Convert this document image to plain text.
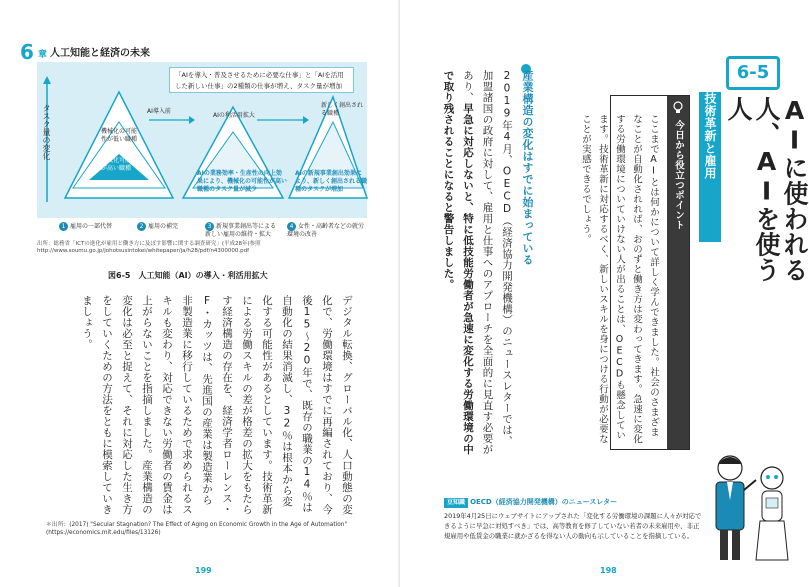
6 章 人工知能と経済の未来
「AIを導入・普及させるために必要な仕事」と「AIを活用した新しい仕事」の2種類の仕事が増え、タスク量が増加
タスク量の変化	AI導入前
AIの利活用拡大
新しく創出される職種
機械化の可能性が低い職種
機械化可能性が高い職種
AIの業務効率・生産性の向上効果により、機械化の可能性が高い職種のタスク量が減少
AIの新規事業創出効果により、新しく創出される職種のタスクが増加
1 雇用の一部代替	2 雇用の補完	3 新規事業創出等による
新しい雇用の維持・拡大
4 女性・高齢者などの就労環境の改善
出所：総務省「ICTの進化が雇用と働き方に及ぼす影響に関する調査研究」(平成28年)参照 http://www.soumu.go.jp/johotsusintokei/whitepaper/ja/h28/pdf/n4300000.pdf
図6-5　人工知能（AI）の導入・利活用拡大
デジタル転換、グローバル化、人口動態の変化で、労働環境はすでに再編されており、今後15〜20年で、既存の職業の14％は自動化の結果消滅し、32％は根本から変化する可能性があるとしています。技術革新による労働スキルの差が格差の拡大をもたらす経済構造の存在を、経済学者ローレンス・F・カッツは、先進国の産業は製造業から非製造業に移行しているためで求められるスキルも変わり、対応できない労働者の賃金は上がらないことを指摘しました。産業構造の変化は必至と捉えて、それに対応した生き方をしていくための方法をともに模索していきましょう。
＊出所：(2017) "Secular Stagnation? The Effect of Aging on Economic Growth in the Age of Automation" (https://economics.mit.edu/files/13126)
199
6-5
AIに使われる人、AIを使う人
技術革新と雇用
今日から役立つポイント
ここまでAIとは何かについて詳しく学んできました。社会のさまざまなことが自動化されれば、おのずと働き方は変わってきます。急速に変化する労働環境についていけない人が出ることは、OECDも懸念しています。技術革新に対応するべく、新しいスキルを身につける行動が必要なことが実感できるでしょう。
産業構造の変化はすでに始まっている
2019年4月、OECD（経済協力開発機構）のニュースレターでは、加盟諸国の政府に対して、雇用と仕事へのアプローチを全面的に見直す必要があり、早急に対応しないと、特に低技能労働者が急速に変化する労働環境の中で取り残されることになると警告しました。
豆知識 OECD（経済協力開発機構）のニュースレター
2019年4月25日にウェブサイトにアップされた「変化する労働環境の課題に人々が対応できるように早急に対処すべき」では、高等教育を修了していない若者の未来雇用や、非正規雇用や低賃金の職業に就かざるを得ない人の動向も示していることを指摘している。
198
